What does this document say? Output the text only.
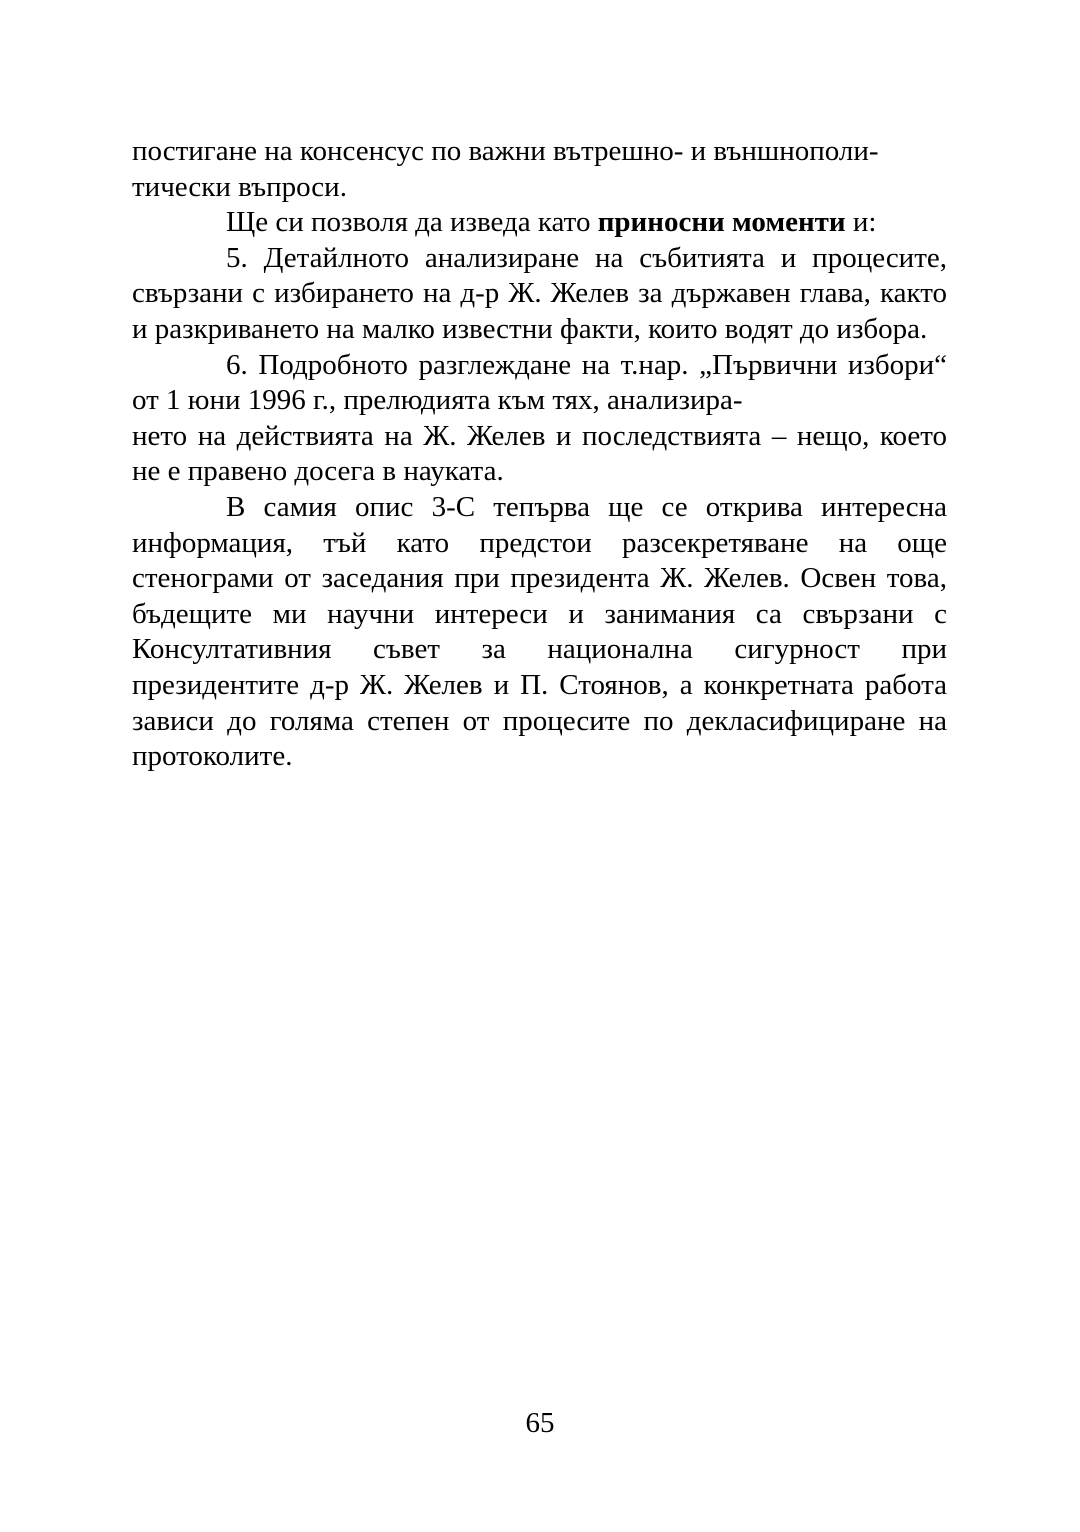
постигане на консенсус по важни вътрешно- и външнополи-
тически въпроси.

Ще си позволя да изведа като приносни моменти и:

5. Детайлното анализиране на събитията и процесите, свързани с избирането на д-р Ж. Желев за държавен глава, както и разкриването на малко известни факти, които водят до избора.

6. Подробното разглеждане на т.нар. „Първични избори“ от 1 юни 1996 г., прелюдията към тях, анализира-
нето на действията на Ж. Желев и последствията – нещо, което не е правено досега в науката.

В самия опис 3-С тепърва ще се открива интересна информация, тъй като предстои разсекретяване на още стенограми от заседания при президента Ж. Желев. Освен това, бъдещите ми научни интереси и занимания са свързани с Консултативния съвет за национална сигурност при президентите д-р Ж. Желев и П. Стоянов, а конкретната работа зависи до голяма степен от процесите по декласифициране на протоколите.

65
